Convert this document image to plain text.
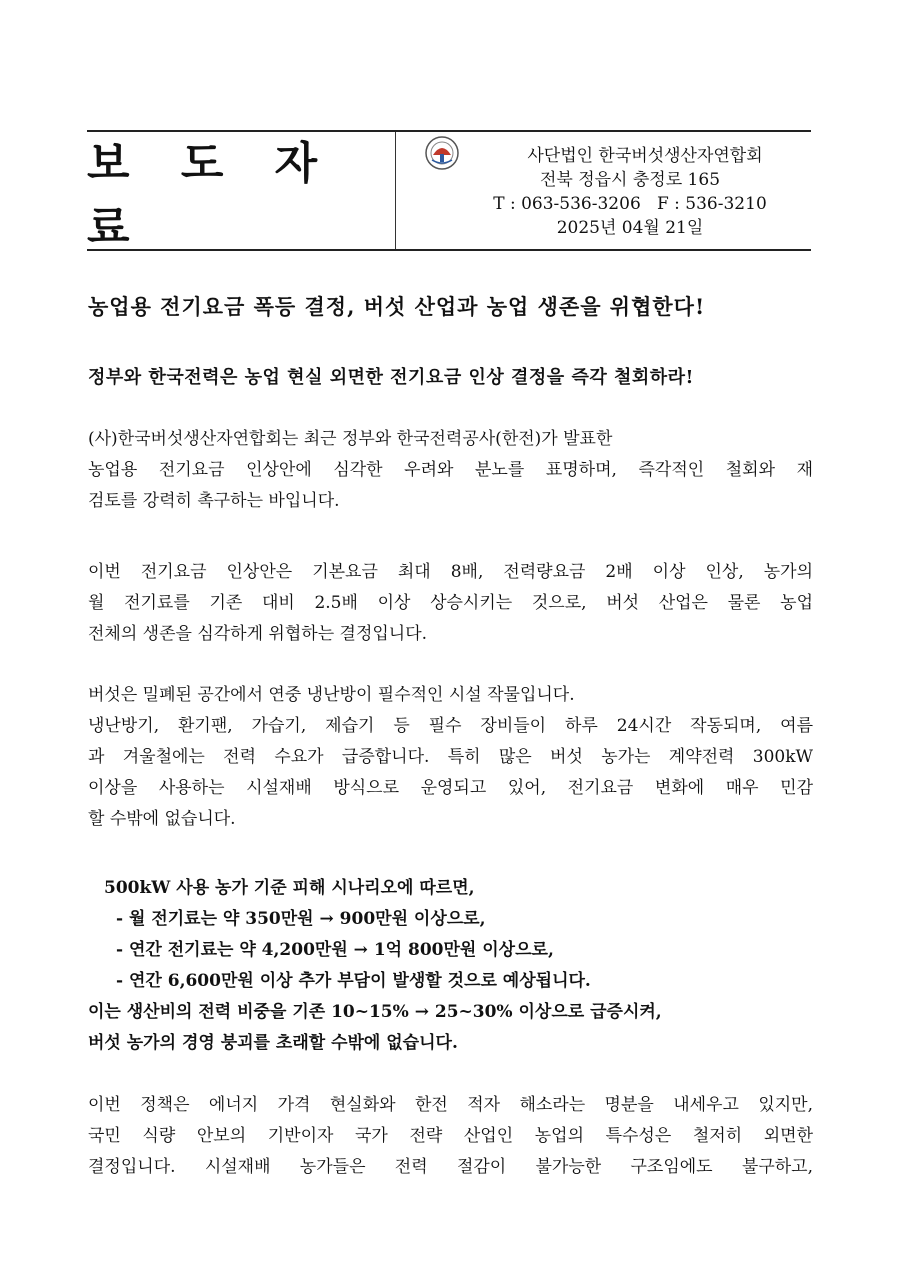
보 도 자 료
사단법인 한국버섯생산자연합회
전북 정읍시 충정로 165
T : 063-536-3206   F : 536-3210
2025년 04월 21일
농업용 전기요금 폭등 결정, 버섯 산업과 농업 생존을 위협한다!
정부와 한국전력은 농업 현실 외면한 전기요금 인상 결정을 즉각 철회하라!
(사)한국버섯생산자연합회는 최근 정부와 한국전력공사(한전)가 발표한
농업용 전기요금 인상안에 심각한 우려와 분노를 표명하며, 즉각적인 철회와 재
검토를 강력히 촉구하는 바입니다.
이번 전기요금 인상안은 기본요금 최대 8배, 전력량요금 2배 이상 인상, 농가의
월 전기료를 기존 대비 2.5배 이상 상승시키는 것으로, 버섯 산업은 물론 농업
전체의 생존을 심각하게 위협하는 결정입니다.
버섯은 밀폐된 공간에서 연중 냉난방이 필수적인 시설 작물입니다.
냉난방기, 환기팬, 가습기, 제습기 등 필수 장비들이 하루 24시간 작동되며, 여름
과 겨울철에는 전력 수요가 급증합니다. 특히 많은 버섯 농가는 계약전력 300kW
이상을 사용하는 시설재배 방식으로 운영되고 있어, 전기요금 변화에 매우 민감
할 수밖에 없습니다.
500kW 사용 농가 기준 피해 시나리오에 따르면,
- 월 전기료는 약 350만원 → 900만원 이상으로,
- 연간 전기료는 약 4,200만원 → 1억 800만원 이상으로,
- 연간 6,600만원 이상 추가 부담이 발생할 것으로 예상됩니다.
이는 생산비의 전력 비중을 기존 10~15% → 25~30% 이상으로 급증시켜,
버섯 농가의 경영 붕괴를 초래할 수밖에 없습니다.
이번 정책은 에너지 가격 현실화와 한전 적자 해소라는 명분을 내세우고 있지만,
국민 식량 안보의 기반이자 국가 전략 산업인 농업의 특수성은 철저히 외면한
결정입니다. 시설재배 농가들은 전력 절감이 불가능한 구조임에도 불구하고,
